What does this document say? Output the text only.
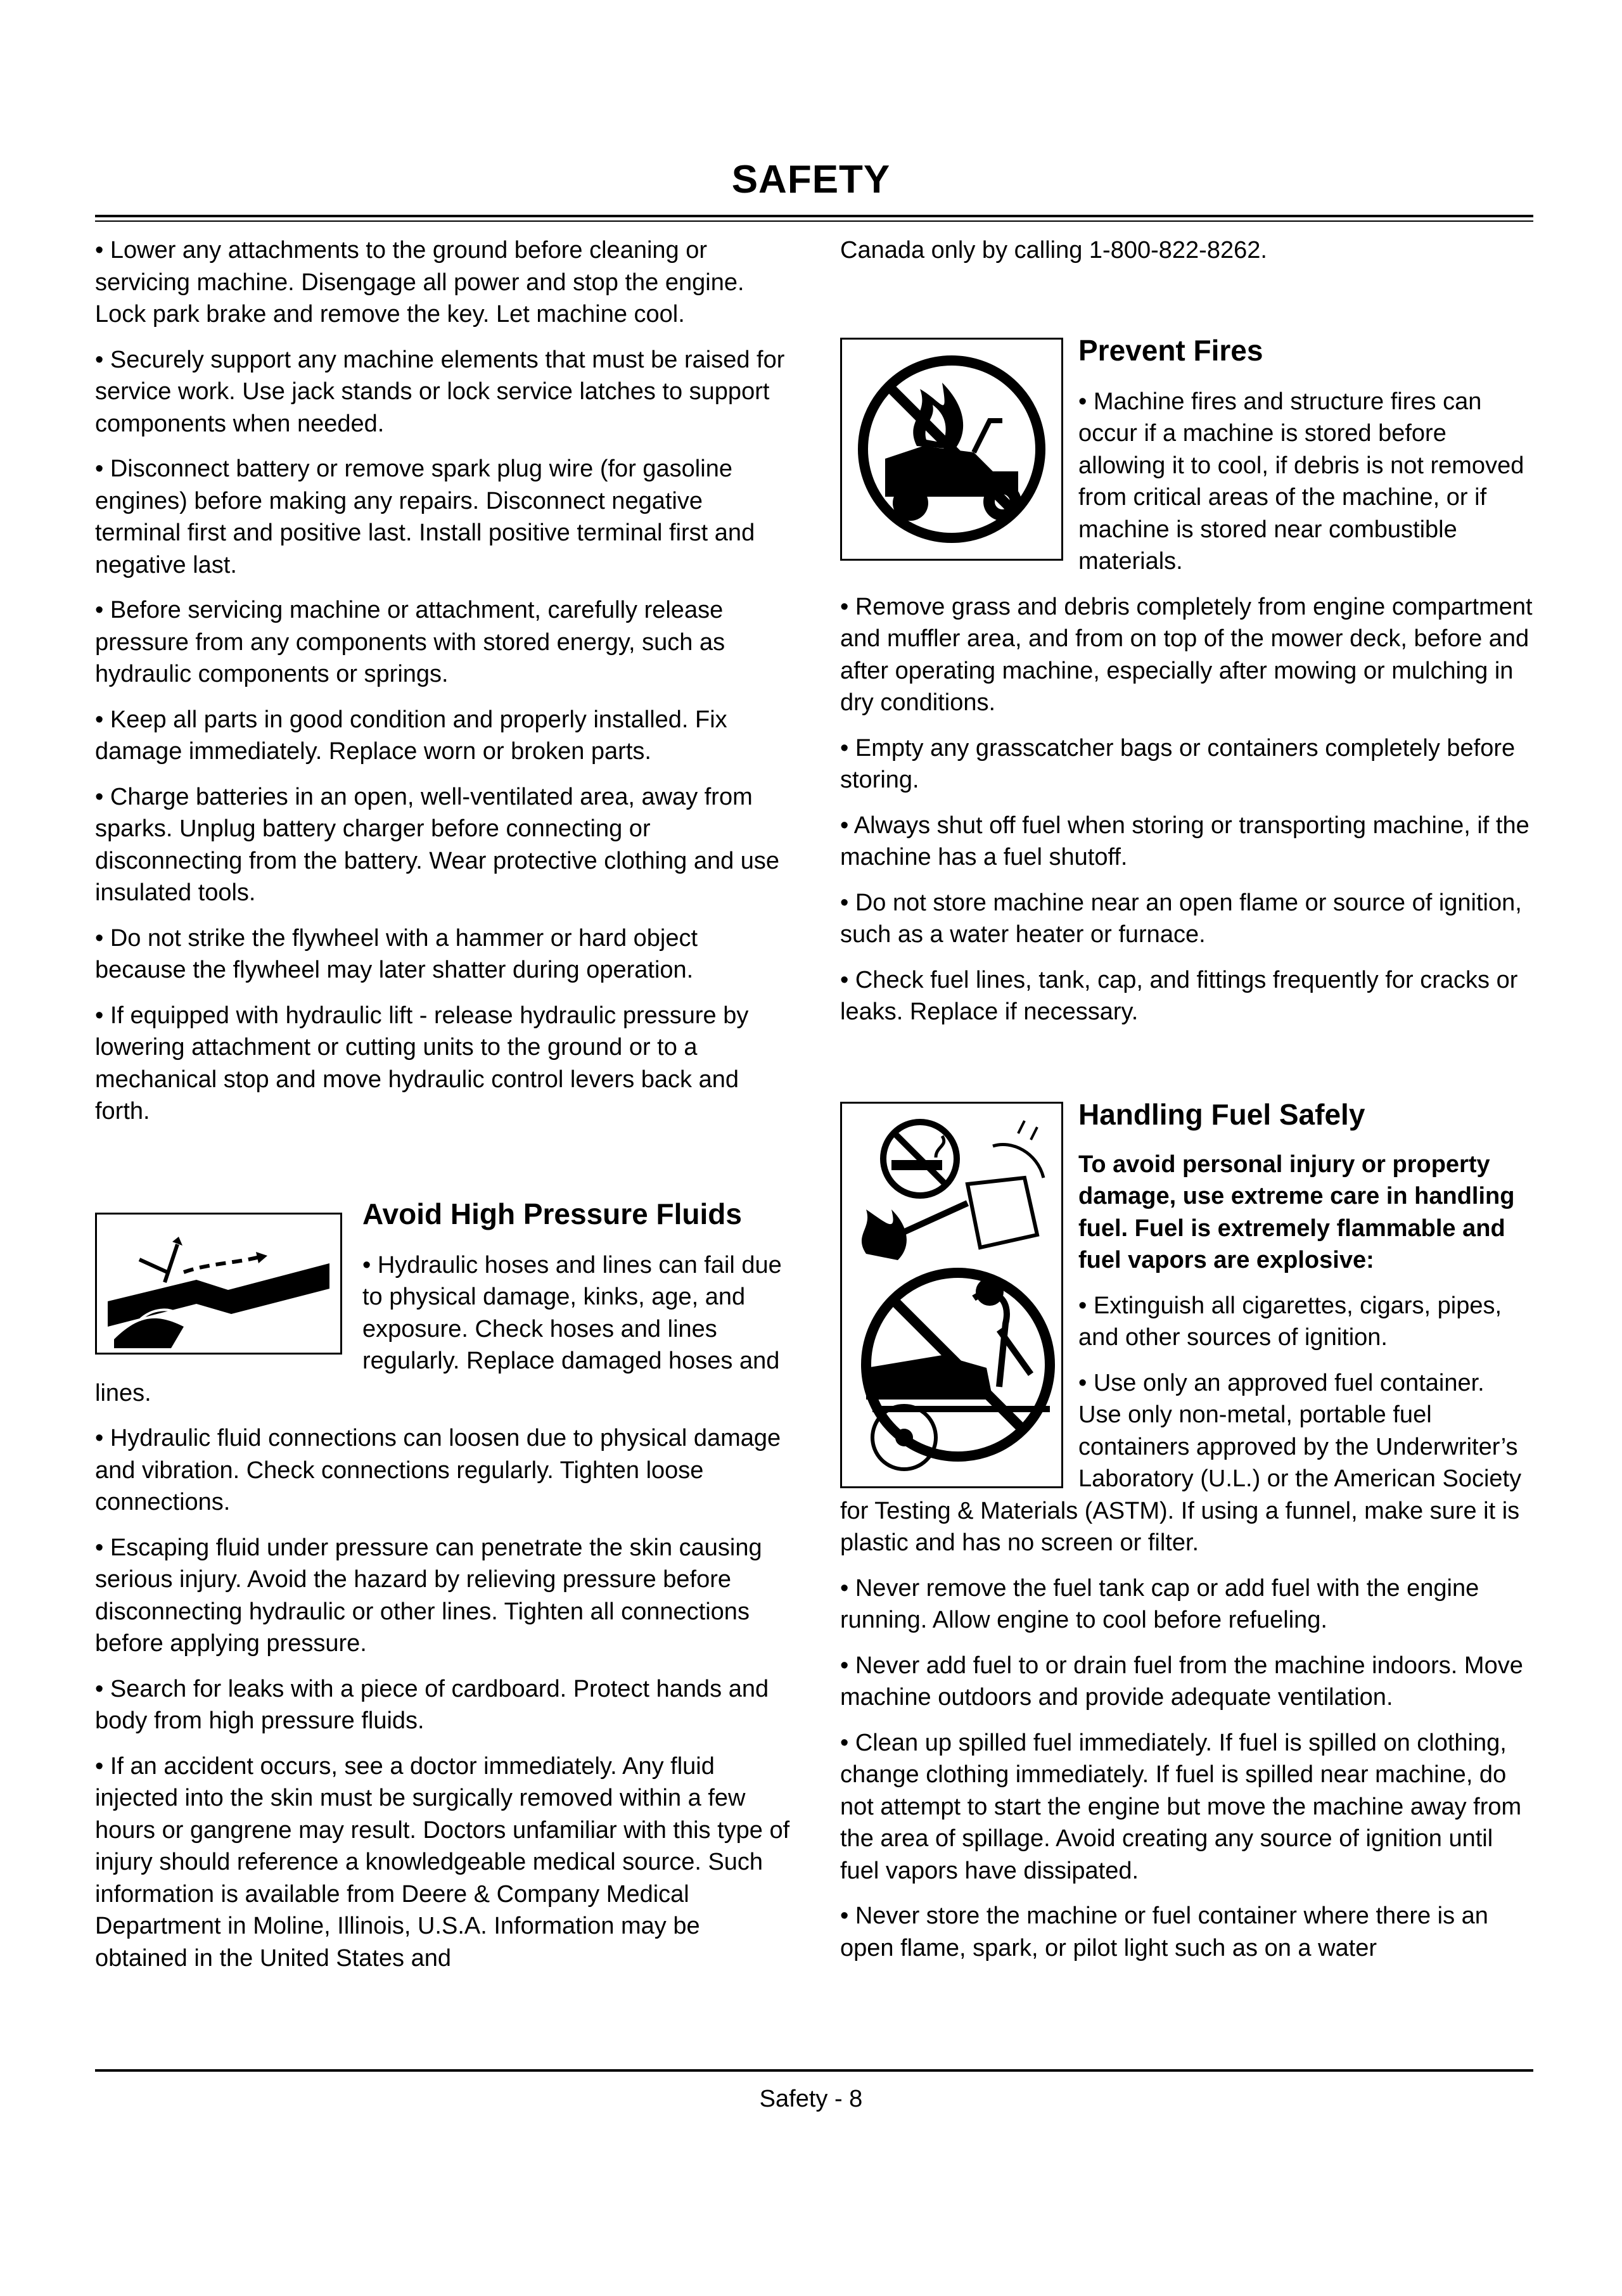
SAFETY

• Lower any attachments to the ground before cleaning or servicing machine. Disengage all power and stop the engine. Lock park brake and remove the key. Let machine cool.

• Securely support any machine elements that must be raised for service work. Use jack stands or lock service latches to support components when needed.

• Disconnect battery or remove spark plug wire (for gasoline engines) before making any repairs. Disconnect negative terminal first and positive last. Install positive terminal first and negative last.

• Before servicing machine or attachment, carefully release pressure from any components with stored energy, such as hydraulic components or springs.

• Keep all parts in good condition and properly installed. Fix damage immediately. Replace worn or broken parts.

• Charge batteries in an open, well-ventilated area, away from sparks. Unplug battery charger before connecting or disconnecting from the battery. Wear protective clothing and use insulated tools.

• Do not strike the flywheel with a hammer or hard object because the flywheel may later shatter during operation.

• If equipped with hydraulic lift - release hydraulic pressure by lowering attachment or cutting units to the ground or to a mechanical stop and move hydraulic control levers back and forth.

Avoid High Pressure Fluids

• Hydraulic hoses and lines can fail due to physical damage, kinks, age, and exposure. Check hoses and lines regularly. Replace damaged hoses and lines.

• Hydraulic fluid connections can loosen due to physical damage and vibration. Check connections regularly. Tighten loose connections.

• Escaping fluid under pressure can penetrate the skin causing serious injury. Avoid the hazard by relieving pressure before disconnecting hydraulic or other lines. Tighten all connections before applying pressure.

• Search for leaks with a piece of cardboard. Protect hands and body from high pressure fluids.

• If an accident occurs, see a doctor immediately. Any fluid injected into the skin must be surgically removed within a few hours or gangrene may result. Doctors unfamiliar with this type of injury should reference a knowledgeable medical source. Such information is available from Deere & Company Medical Department in Moline, Illinois, U.S.A. Information may be obtained in the United States and

Canada only by calling 1-800-822-8262.

Prevent Fires

• Machine fires and structure fires can occur if a machine is stored before allowing it to cool, if debris is not removed from critical areas of the machine, or if machine is stored near combustible materials.

• Remove grass and debris completely from engine compartment and muffler area, and from on top of the mower deck, before and after operating machine, especially after mowing or mulching in dry conditions.

• Empty any grasscatcher bags or containers completely before storing.

• Always shut off fuel when storing or transporting machine, if the machine has a fuel shutoff.

• Do not store machine near an open flame or source of ignition, such as a water heater or furnace.

• Check fuel lines, tank, cap, and fittings frequently for cracks or leaks. Replace if necessary.

Handling Fuel Safely

To avoid personal injury or property damage, use extreme care in handling fuel. Fuel is extremely flammable and fuel vapors are explosive:

• Extinguish all cigarettes, cigars, pipes, and other sources of ignition.

• Use only an approved fuel container. Use only non-metal, portable fuel containers approved by the Underwriter’s Laboratory (U.L.) or the American Society for Testing & Materials (ASTM). If using a funnel, make sure it is plastic and has no screen or filter.

• Never remove the fuel tank cap or add fuel with the engine running. Allow engine to cool before refueling.

• Never add fuel to or drain fuel from the machine indoors. Move machine outdoors and provide adequate ventilation.

• Clean up spilled fuel immediately. If fuel is spilled on clothing, change clothing immediately. If fuel is spilled near machine, do not attempt to start the engine but move the machine away from the area of spillage. Avoid creating any source of ignition until fuel vapors have dissipated.

• Never store the machine or fuel container where there is an open flame, spark, or pilot light such as on a water

Safety - 8
